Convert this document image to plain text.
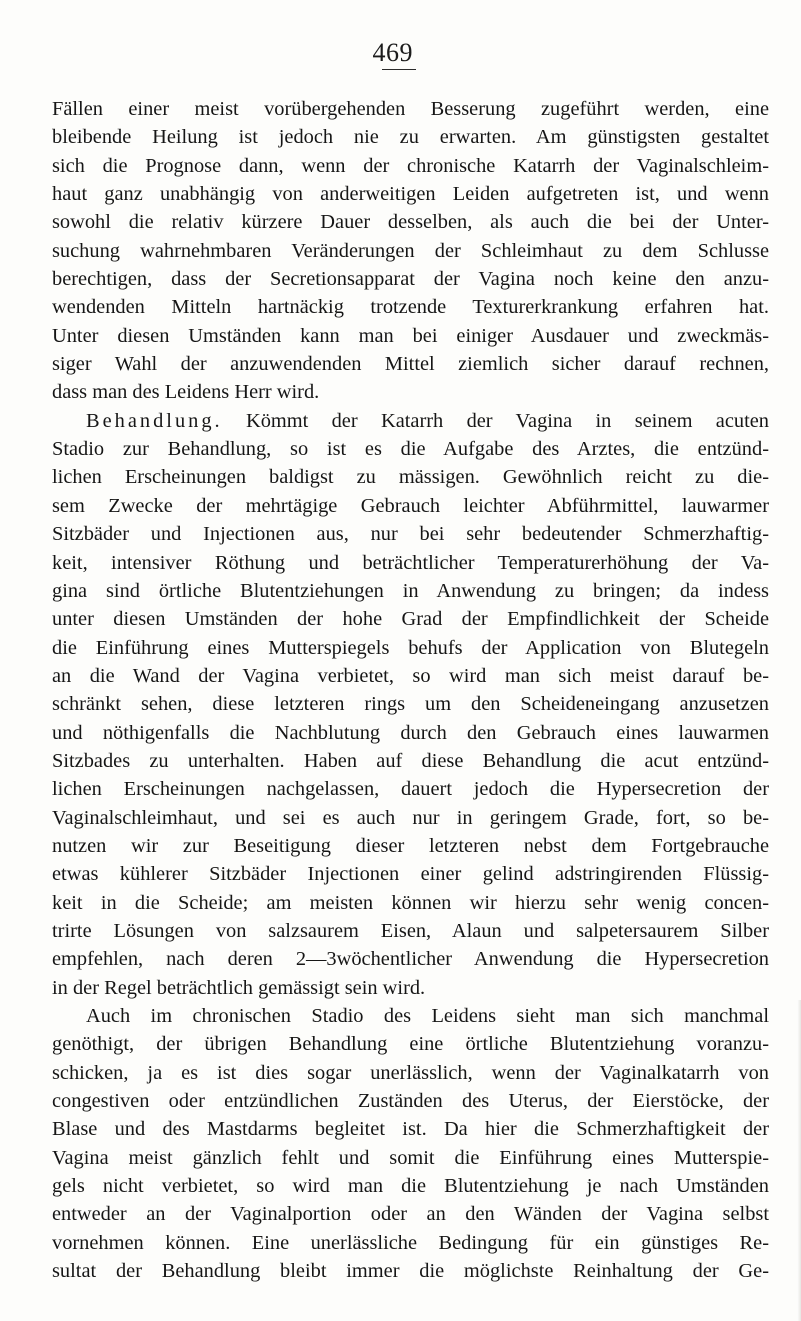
469
Fällen einer meist vorübergehenden Besserung zugeführt werden, eine
bleibende Heilung ist jedoch nie zu erwarten. Am günstigsten gestaltet
sich die Prognose dann, wenn der chronische Katarrh der Vaginalschleim-
haut ganz unabhängig von anderweitigen Leiden aufgetreten ist, und wenn
sowohl die relativ kürzere Dauer desselben, als auch die bei der Unter-
suchung wahrnehmbaren Veränderungen der Schleimhaut zu dem Schlusse
berechtigen, dass der Secretionsapparat der Vagina noch keine den anzu-
wendenden Mitteln hartnäckig trotzende Texturerkrankung erfahren hat.
Unter diesen Umständen kann man bei einiger Ausdauer und zweckmäs-
siger Wahl der anzuwendenden Mittel ziemlich sicher darauf rechnen,
dass man des Leidens Herr wird.
Behandlung. Kömmt der Katarrh der Vagina in seinem acuten
Stadio zur Behandlung, so ist es die Aufgabe des Arztes, die entzünd-
lichen Erscheinungen baldigst zu mässigen. Gewöhnlich reicht zu die-
sem Zwecke der mehrtägige Gebrauch leichter Abführmittel, lauwarmer
Sitzbäder und Injectionen aus, nur bei sehr bedeutender Schmerzhaftig-
keit, intensiver Röthung und beträchtlicher Temperaturerhöhung der Va-
gina sind örtliche Blutentziehungen in Anwendung zu bringen; da indess
unter diesen Umständen der hohe Grad der Empfindlichkeit der Scheide
die Einführung eines Mutterspiegels behufs der Application von Blutegeln
an die Wand der Vagina verbietet, so wird man sich meist darauf be-
schränkt sehen, diese letzteren rings um den Scheideneingang anzusetzen
und nöthigenfalls die Nachblutung durch den Gebrauch eines lauwarmen
Sitzbades zu unterhalten. Haben auf diese Behandlung die acut entzünd-
lichen Erscheinungen nachgelassen, dauert jedoch die Hypersecretion der
Vaginalschleimhaut, und sei es auch nur in geringem Grade, fort, so be-
nutzen wir zur Beseitigung dieser letzteren nebst dem Fortgebrauche
etwas kühlerer Sitzbäder Injectionen einer gelind adstringirenden Flüssig-
keit in die Scheide; am meisten können wir hierzu sehr wenig concen-
trirte Lösungen von salzsaurem Eisen, Alaun und salpetersaurem Silber
empfehlen, nach deren 2—3wöchentlicher Anwendung die Hypersecretion
in der Regel beträchtlich gemässigt sein wird.
Auch im chronischen Stadio des Leidens sieht man sich manchmal
genöthigt, der übrigen Behandlung eine örtliche Blutentziehung voranzu-
schicken, ja es ist dies sogar unerlässlich, wenn der Vaginalkatarrh von
congestiven oder entzündlichen Zuständen des Uterus, der Eierstöcke, der
Blase und des Mastdarms begleitet ist. Da hier die Schmerzhaftigkeit der
Vagina meist gänzlich fehlt und somit die Einführung eines Mutterspie-
gels nicht verbietet, so wird man die Blutentziehung je nach Umständen
entweder an der Vaginalportion oder an den Wänden der Vagina selbst
vornehmen können. Eine unerlässliche Bedingung für ein günstiges Re-
sultat der Behandlung bleibt immer die möglichste Reinhaltung der Ge-
